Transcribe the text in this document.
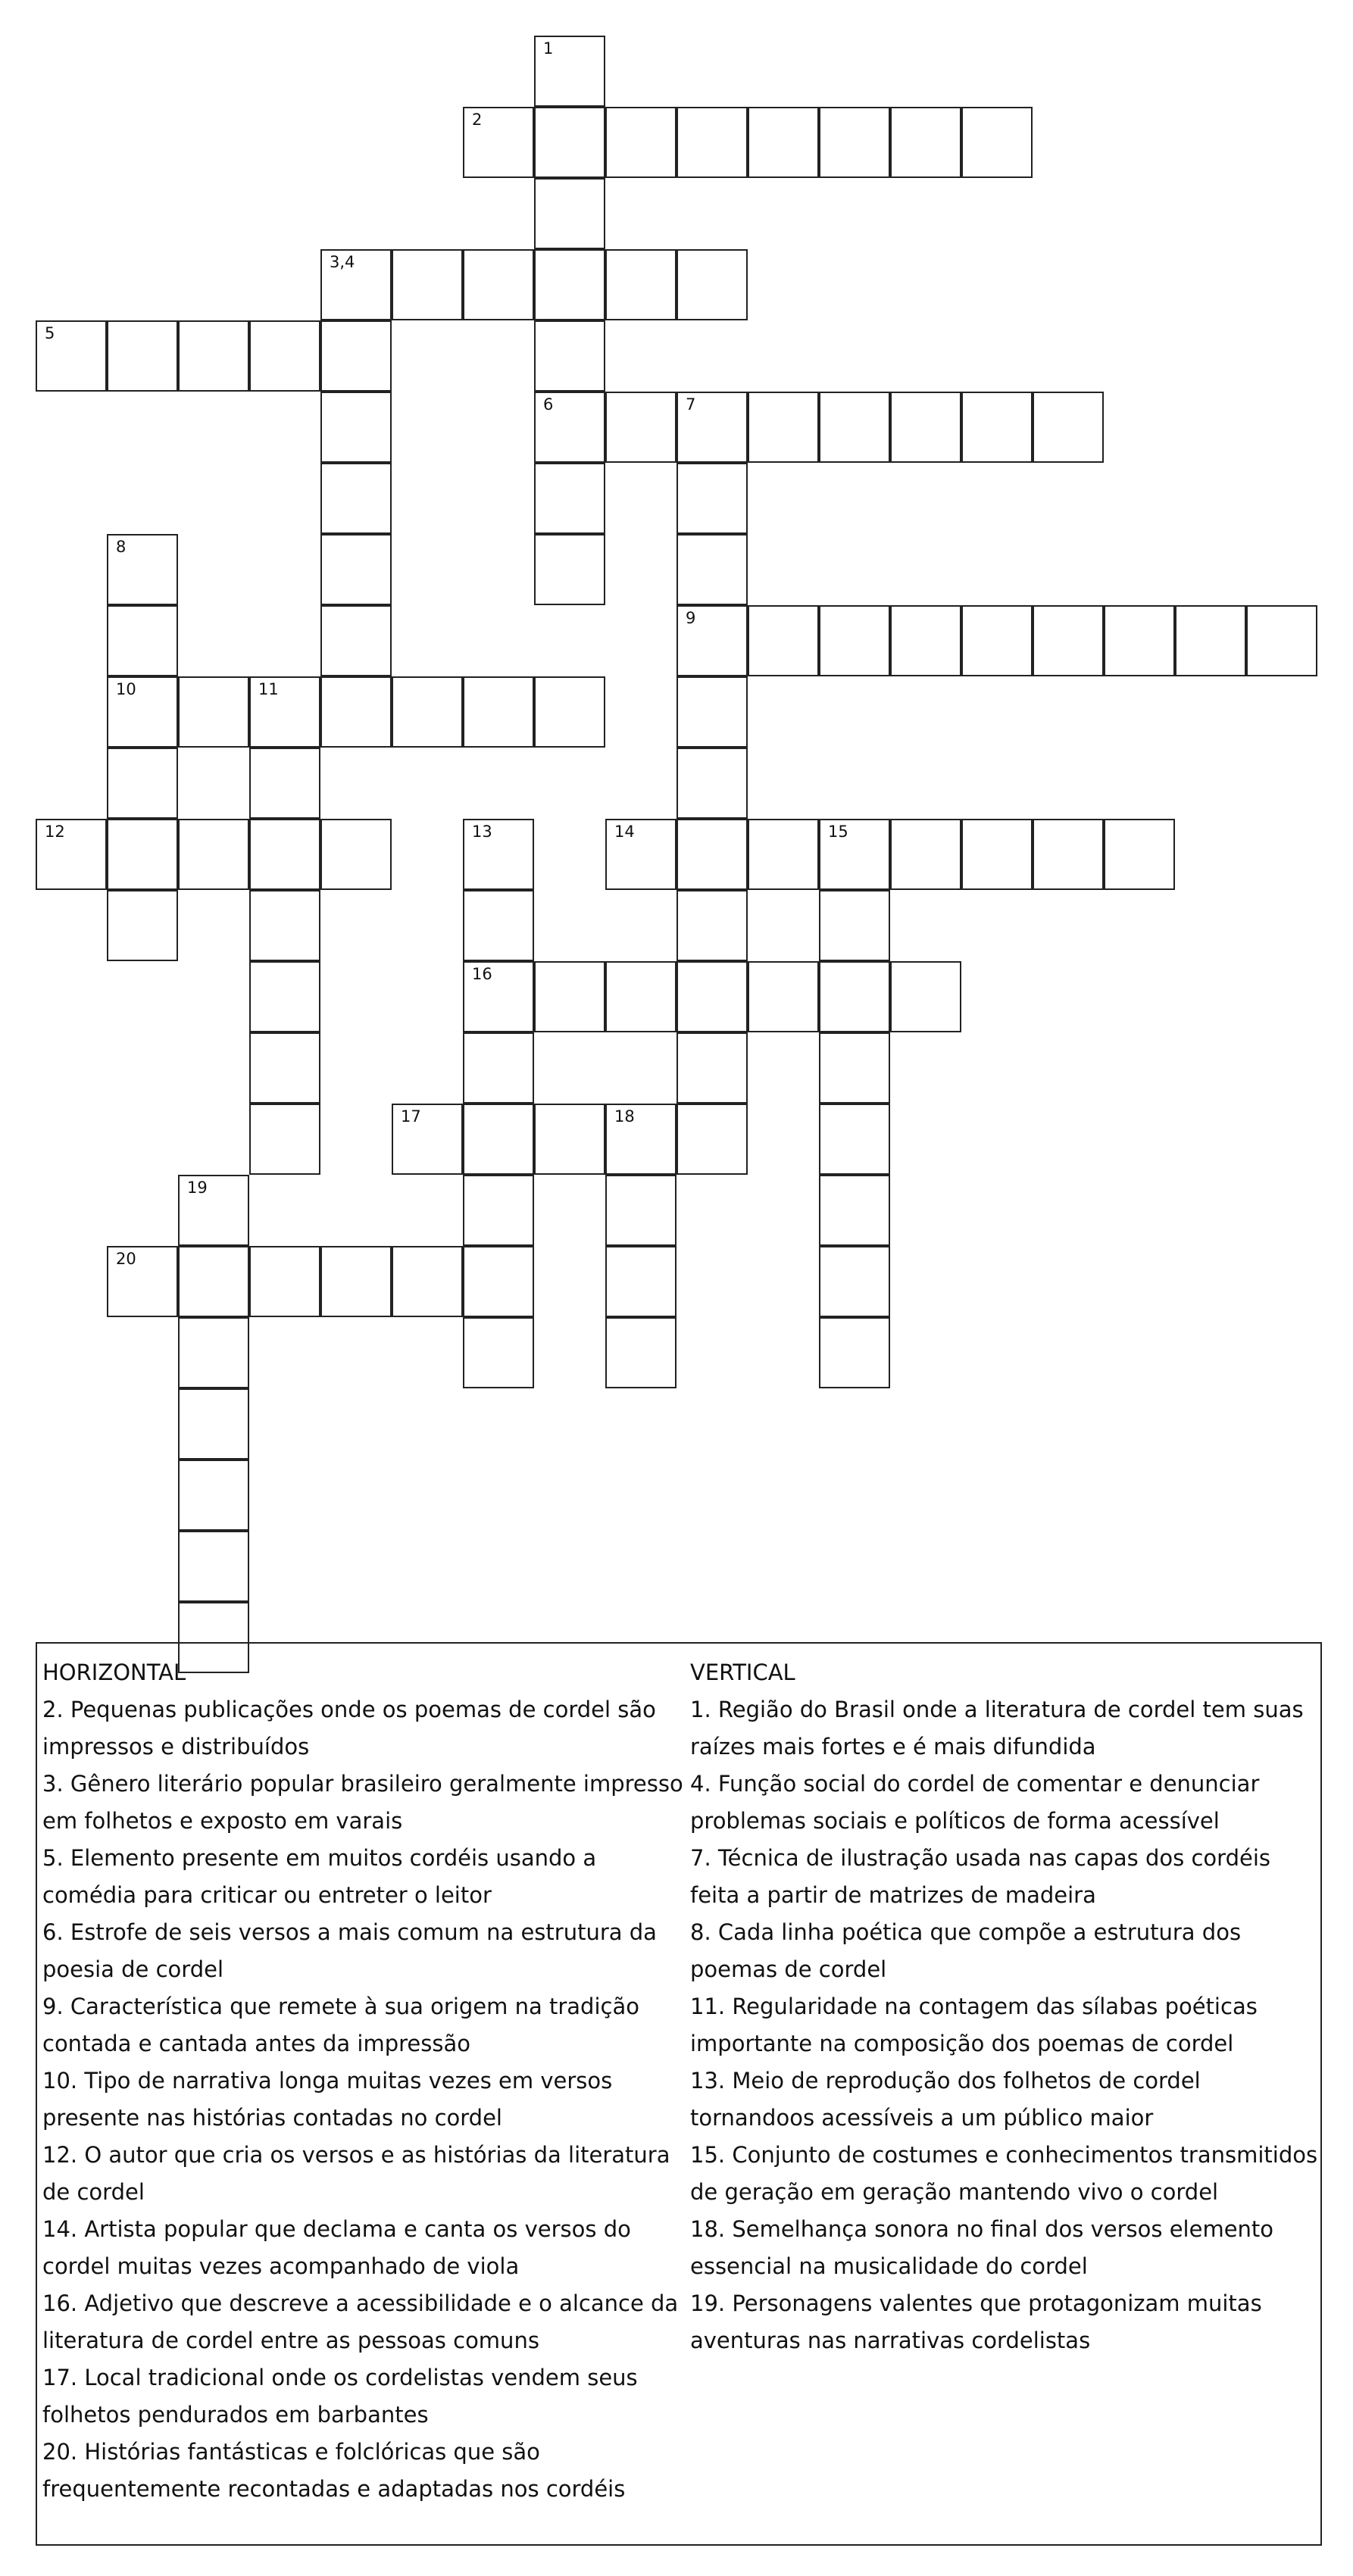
1
6
2
3,4
5
7
9
8
10	11
12	13
16
14	15
17	18
19
20
HORIZONTAL
2. Pequenas publicações onde os poemas de cordel são impressos e distribuídos
3. Gênero literário popular brasileiro geralmente impresso em folhetos e exposto em varais
5. Elemento presente em muitos cordéis usando a comédia para criticar ou entreter o leitor
6. Estrofe de seis versos a mais comum na estrutura da poesia de cordel
9. Característica que remete à sua origem na tradição contada e cantada antes da impressão
10. Tipo de narrativa longa muitas vezes em versos presente nas histórias contadas no cordel
12. O autor que cria os versos e as histórias da literatura de cordel
14. Artista popular que declama e canta os versos do cordel muitas vezes acompanhado de viola
16. Adjetivo que descreve a acessibilidade e o alcance da literatura de cordel entre as pessoas comuns
17. Local tradicional onde os cordelistas vendem seus folhetos pendurados em barbantes
20. Histórias fantásticas e folclóricas que são frequentemente recontadas e adaptadas nos cordéis
VERTICAL
1. Região do Brasil onde a literatura de cordel tem suas raízes mais fortes e é mais difundida
4. Função social do cordel de comentar e denunciar problemas sociais e políticos de forma acessível
7. Técnica de ilustração usada nas capas dos cordéis feita a partir de matrizes de madeira
8. Cada linha poética que compõe a estrutura dos poemas de cordel
11. Regularidade na contagem das sílabas poéticas importante na composição dos poemas de cordel
13. Meio de reprodução dos folhetos de cordel tornandoos acessíveis a um público maior
15. Conjunto de costumes e conhecimentos transmitidos de geração em geração mantendo vivo o cordel
18. Semelhança sonora no final dos versos elemento essencial na musicalidade do cordel
19. Personagens valentes que protagonizam muitas aventuras nas narrativas cordelistas
